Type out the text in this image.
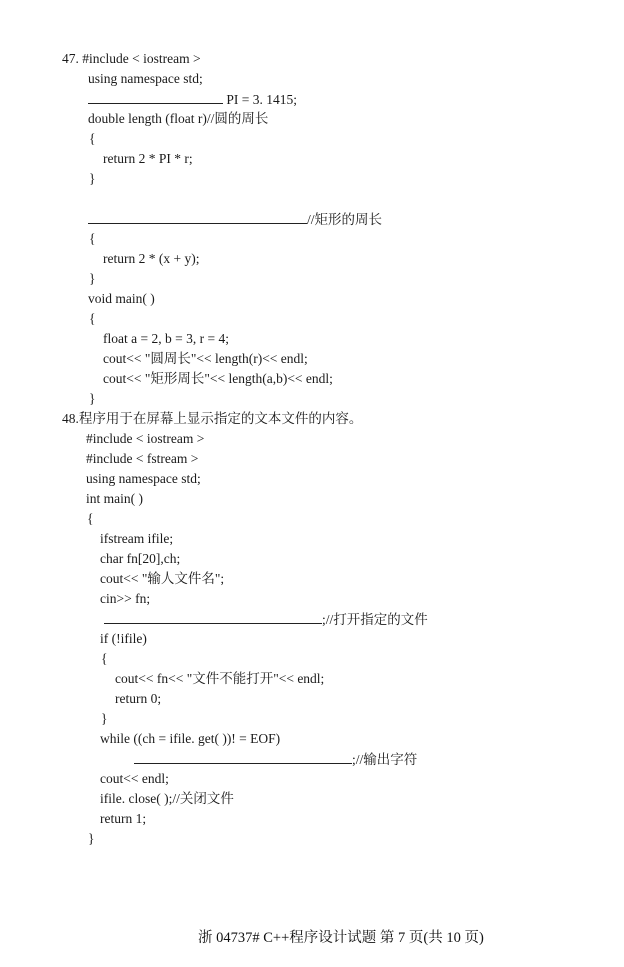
47. #include < iostream >
using namespace std;
PI = 3. 1415;
double length (float r)//圆的周长
{
return 2 * PI * r;
}
//矩形的周长
{
return 2 * (x + y);
}
void main( )
{
float a = 2, b = 3, r = 4;
cout<< "圆周长"<< length(r)<< endl;
cout<< "矩形周长"<< length(a,b)<< endl;
}
48.程序用于在屏幕上显示指定的文本文件的内容。
#include < iostream >
#include < fstream >
using namespace std;
int main( )
{
ifstream ifile;
char fn[20],ch;
cout<< "输人文件名";
cin>> fn;
;//打开指定的文件
if (!ifile)
{
cout<< fn<< "文件不能打开"<< endl;
return 0;
}
while ((ch = ifile. get( ))! = EOF)
;//输出字符
cout<< endl;
ifile. close( );//关闭文件
return 1;
}
浙 04737# C++程序设计试题 第 7 页(共 10 页)
